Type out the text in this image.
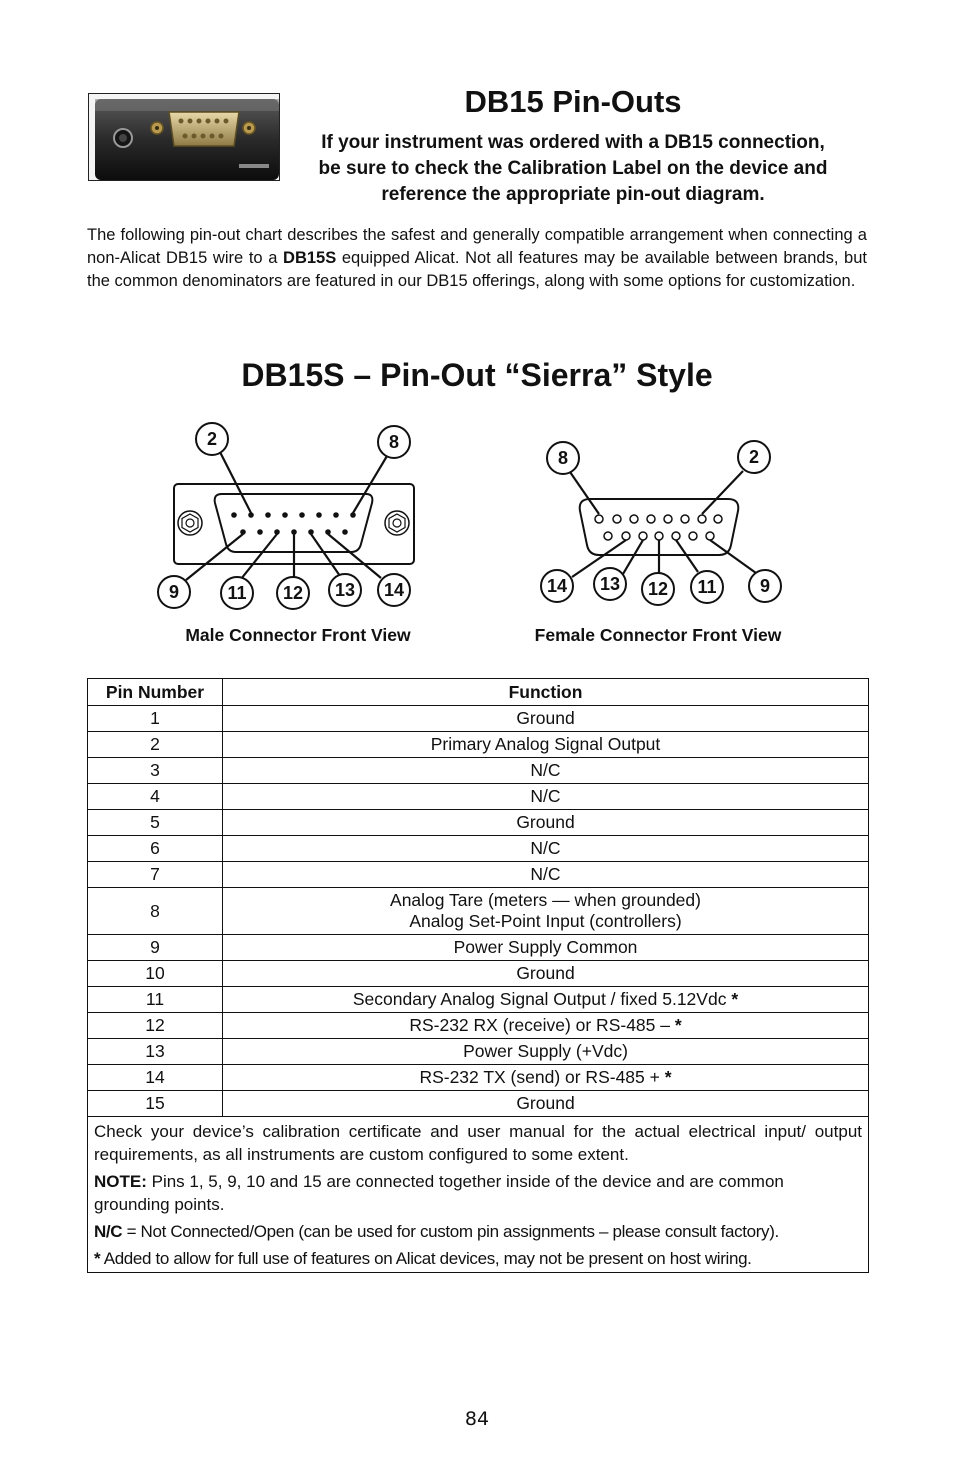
DB15 Pin-Outs

If your instrument was ordered with a DB15 connection,
be sure to check the Calibration Label on the device and
reference the appropriate pin-out diagram.

The following pin-out chart describes the safest and generally compatible arrangement when connecting a non-Alicat DB15 wire to a DB15S equipped Alicat. Not all features may be available between brands, but the common denominators are featured in our DB15 offerings, along with some options for customization.

DB15S – Pin-Out “Sierra” Style
2	8
9	11 12 13 14
8	2
14 13 12 11 9
Male Connector Front View	Female Connector Front View
Pin Number	Function
1	Ground
2	Primary Analog Signal Output
3	N/C
4	N/C
5	Ground
6	N/C
7	N/C
8	Analog Tare (meters — when grounded)
Analog Set-Point Input (controllers)
9	Power Supply Common
10	Ground
11	Secondary Analog Signal Output / fixed 5.12Vdc *
12	RS-232 RX (receive) or RS-485 – *
13	Power Supply (+Vdc)
14	RS-232 TX (send) or RS-485 + *
15	Ground

Check your device’s calibration certificate and user manual for the actual electrical input/ output requirements, as all instruments are custom configured to some extent.

NOTE: Pins 1, 5, 9, 10 and 15 are connected together inside of the device and are common grounding points.

N/C = Not Connected/Open (can be used for custom pin assignments – please consult factory).

* Added to allow for full use of features on Alicat devices, may not be present on host wiring.	

84
